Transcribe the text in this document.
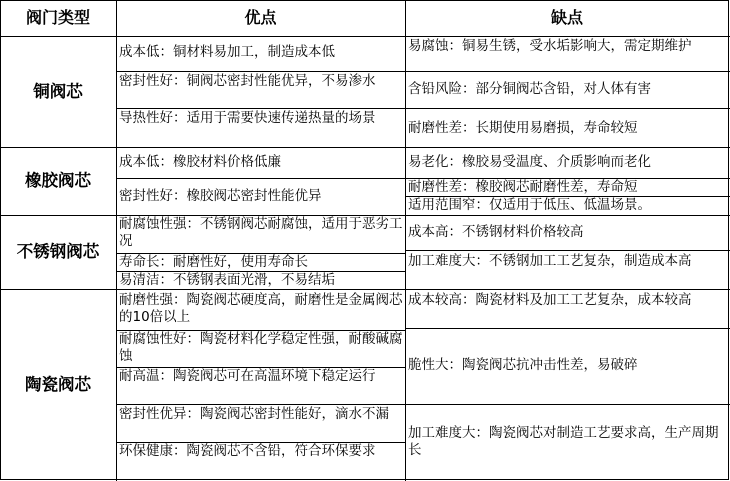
阀门类型	优点	缺点
铜阀芯
橡胶阀芯
不锈钢阀芯
陶瓷阀芯
成本低：铜材料易加工，制造成本低
密封性好：铜阀芯密封性能优异，不易渗水
导热性好：适用于需要快速传递热量的场景
易腐蚀：铜易生锈，受水垢影响大，需定期维护
含铅风险：部分铜阀芯含铅，对人体有害
耐磨性差：长期使用易磨损，寿命较短
成本低：橡胶材料价格低廉
密封性好：橡胶阀芯密封性能优异
易老化：橡胶易受温度、介质影响而老化
耐磨性差：橡胶阀芯耐磨性差，寿命短
适用范围窄：仅适用于低压、低温场景。
耐腐蚀性强：不锈钢阀芯耐腐蚀，适用于恶劣工况
寿命长：耐磨性好，使用寿命长
易清洁：不锈钢表面光滑，不易结垢
成本高：不锈钢材料价格较高
加工难度大：不锈钢加工工艺复杂，制造成本高
耐磨性强：陶瓷阀芯硬度高，耐磨性是金属阀芯的10倍以上
耐腐蚀性好：陶瓷材料化学稳定性强，耐酸碱腐蚀
耐高温：陶瓷阀芯可在高温环境下稳定运行
密封性优异：陶瓷阀芯密封性能好，滴水不漏
环保健康：陶瓷阀芯不含铅，符合环保要求
成本较高：陶瓷材料及加工工艺复杂，成本较高
脆性大：陶瓷阀芯抗冲击性差，易破碎
加工难度大：陶瓷阀芯对制造工艺要求高，生产周期长
